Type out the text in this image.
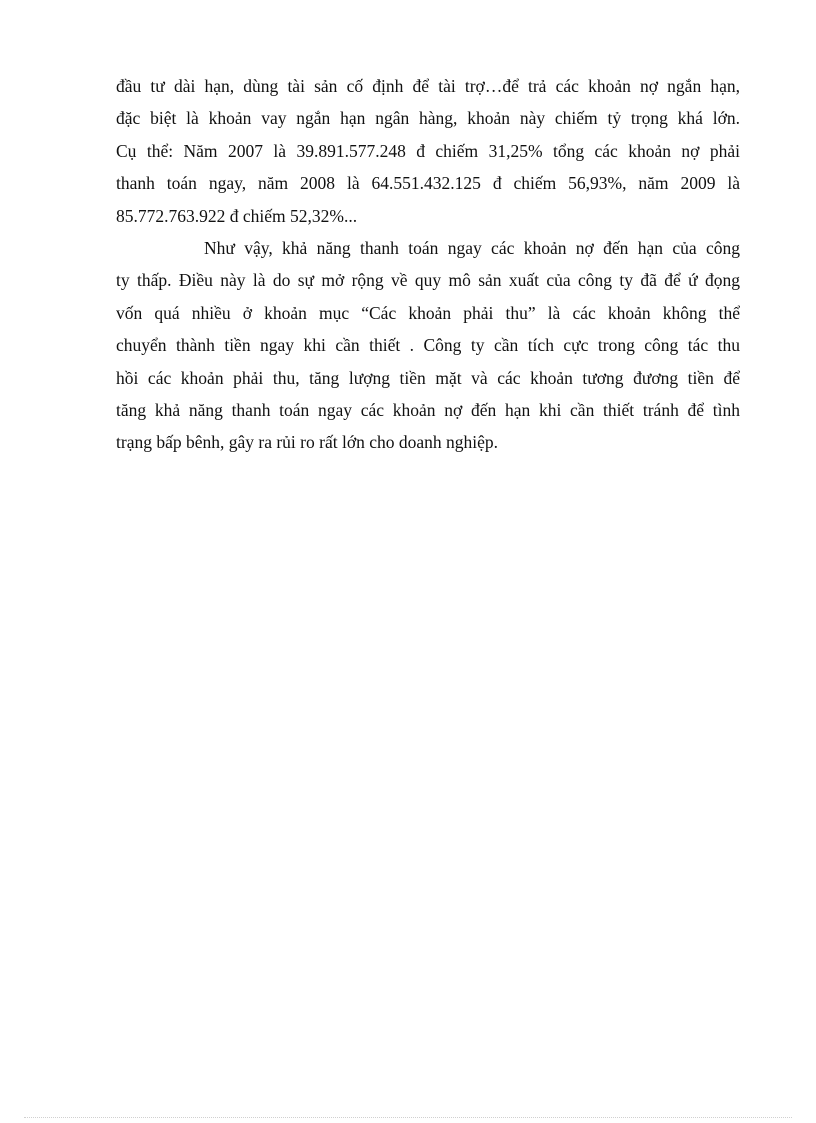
đầu tư dài hạn, dùng tài sản cố định để tài trợ…để trả các khoản nợ ngắn hạn,
đặc biệt là khoản vay ngắn hạn ngân hàng, khoản này chiếm tỷ trọng khá lớn.
Cụ thể: Năm 2007 là 39.891.577.248 đ chiếm 31,25% tổng các khoản nợ phải
thanh toán ngay, năm 2008 là 64.551.432.125 đ chiếm 56,93%, năm 2009 là
85.772.763.922 đ chiếm 52,32%...
Như vậy, khả năng thanh toán ngay các khoản nợ đến hạn của công
ty thấp. Điều này là do sự mở rộng về quy mô sản xuất của công ty đã để ứ đọng
vốn quá nhiều ở khoản mục “Các khoản phải thu” là các khoản không thể
chuyển thành tiền ngay khi cần thiết . Công ty cần tích cực trong công tác thu
hồi các khoản phải thu, tăng lượng tiền mặt và các khoản tương đương tiền để
tăng khả năng thanh toán ngay các khoản nợ đến hạn khi cần thiết tránh để tình
trạng bấp bênh, gây ra rủi ro rất lớn cho doanh nghiệp.
